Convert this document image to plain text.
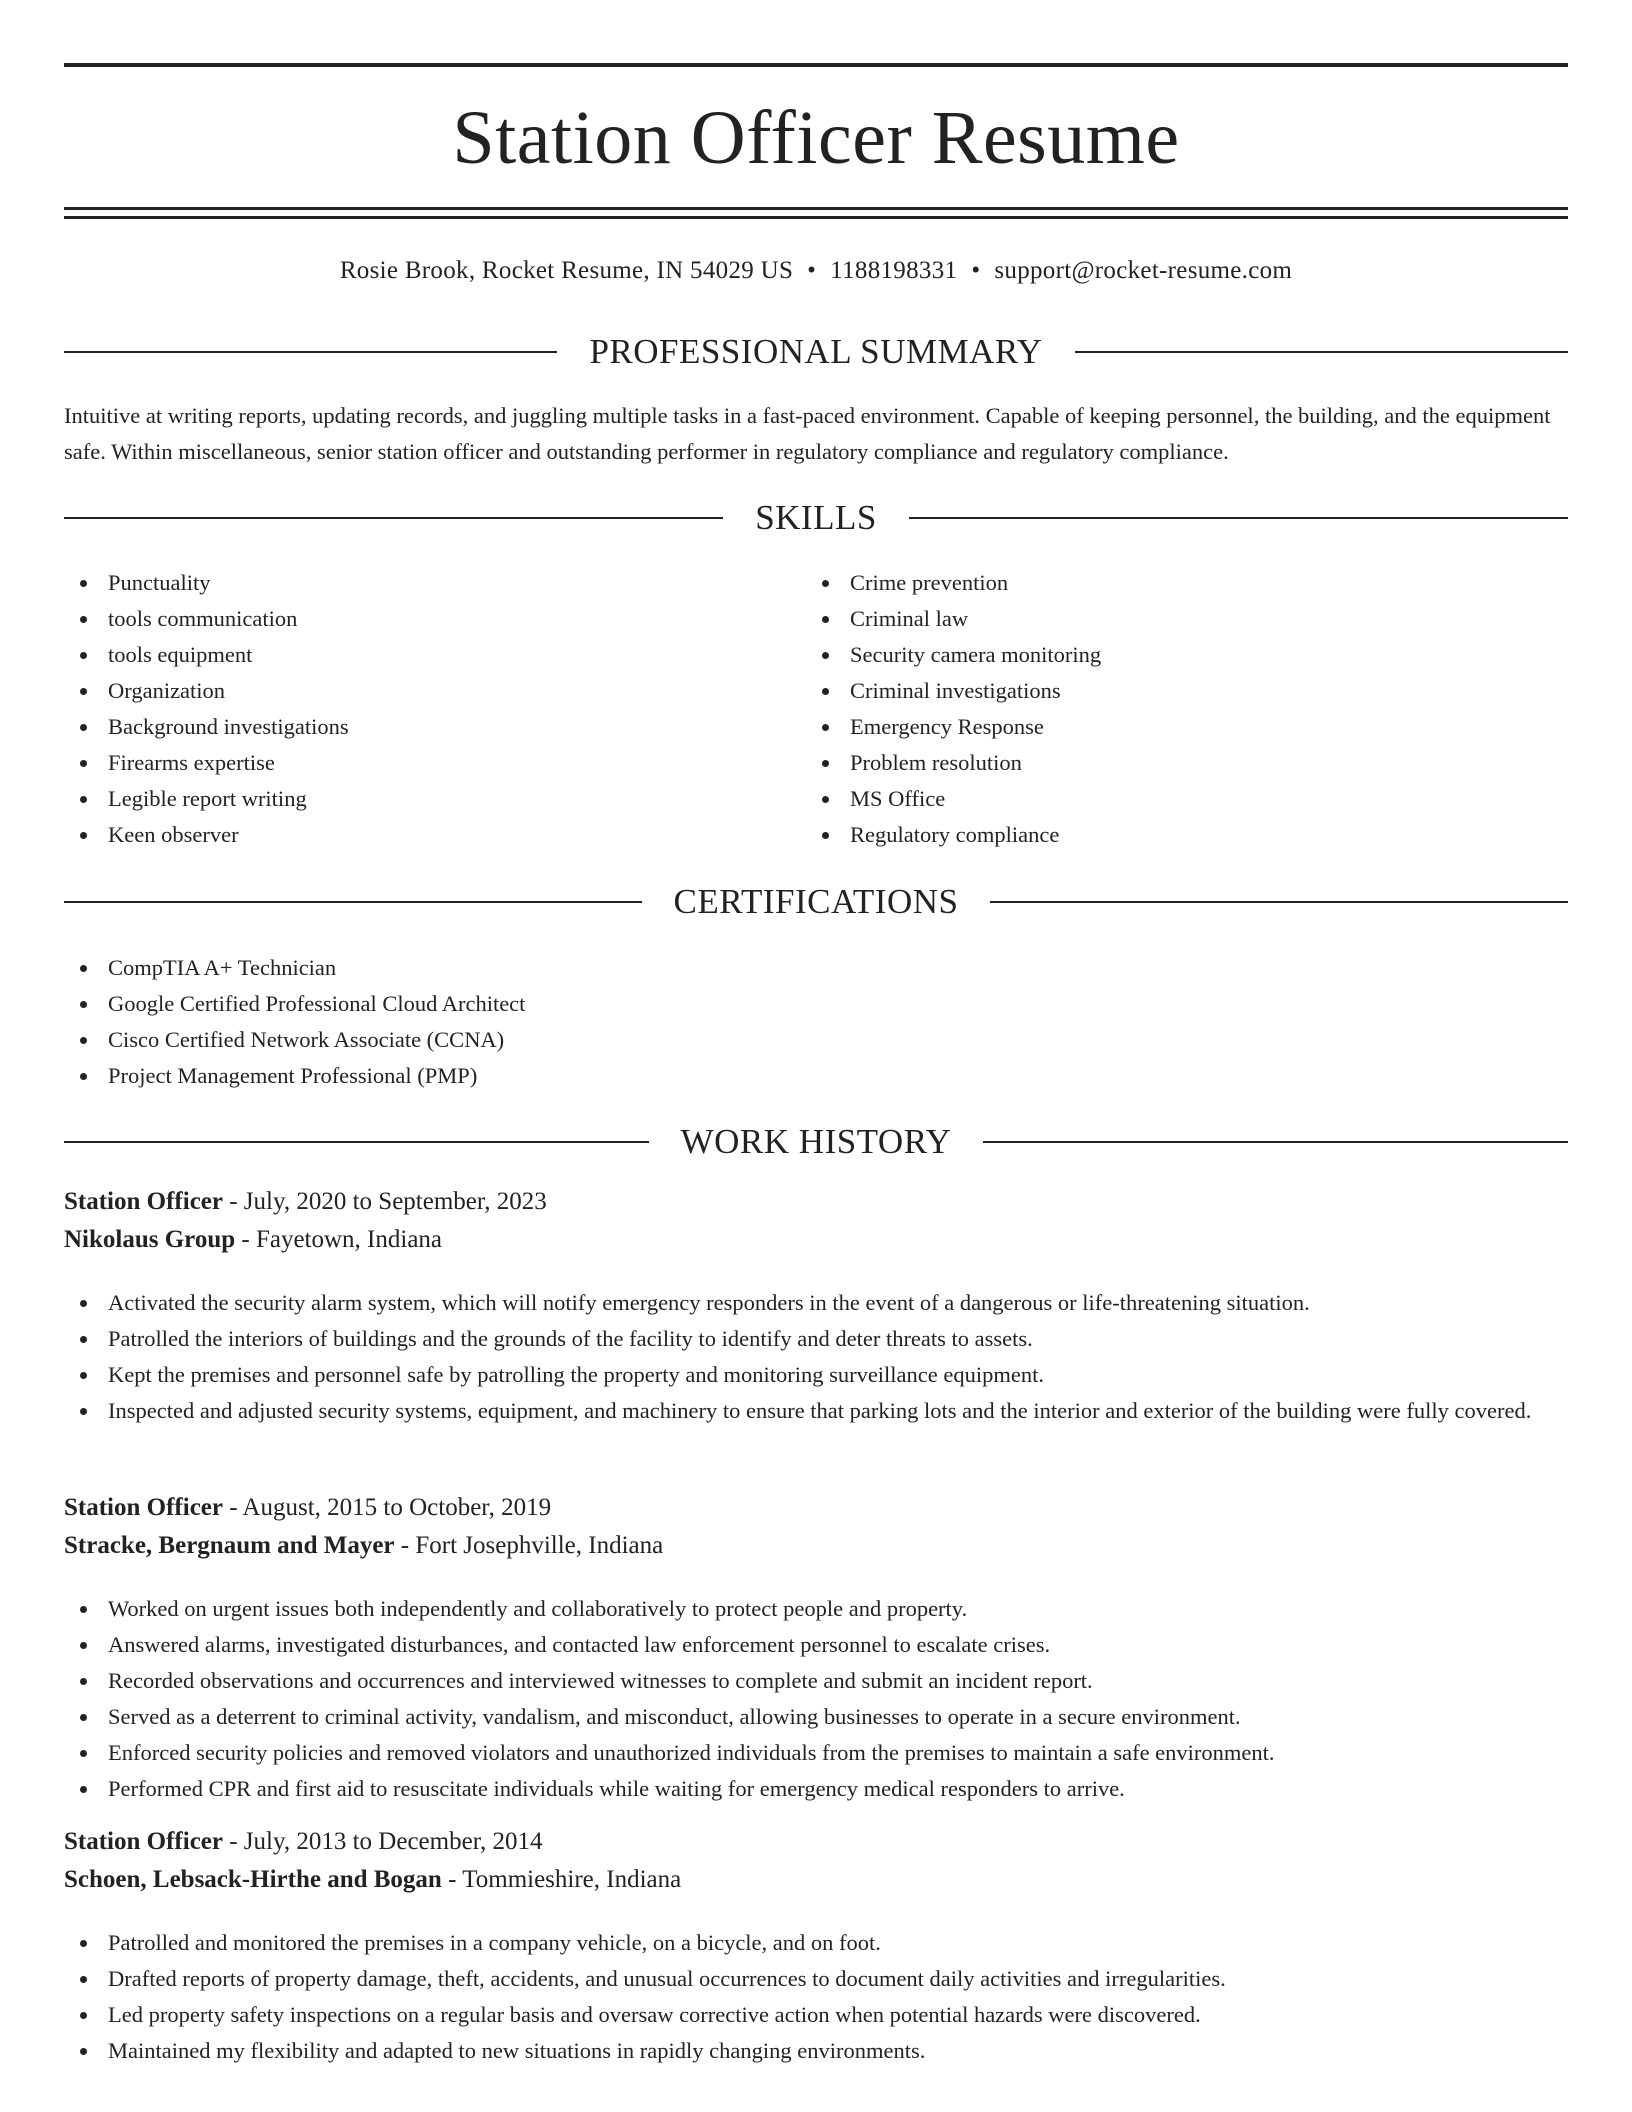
Station Officer Resume
Rosie Brook, Rocket Resume, IN 54029 US • 1188198331 • support@rocket-resume.com
PROFESSIONAL SUMMARY

Intuitive at writing reports, updating records, and juggling multiple tasks in a fast-paced environment. Capable of keeping personnel, the building, and the equipment safe. Within miscellaneous, senior station officer and outstanding performer in regulatory compliance and regulatory compliance.

SKILLS
Punctuality
tools communication
tools equipment
Organization
Background investigations
Firearms expertise
Legible report writing
Keen observer
Crime prevention
Criminal law
Security camera monitoring
Criminal investigations
Emergency Response
Problem resolution
MS Office
Regulatory compliance
CERTIFICATIONS
CompTIA A+ Technician
Google Certified Professional Cloud Architect
Cisco Certified Network Associate (CCNA)
Project Management Professional (PMP)
WORK HISTORY
Station Officer - July, 2020 to September, 2023
Nikolaus Group - Fayetown, Indiana
Activated the security alarm system, which will notify emergency responders in the event of a dangerous or life-threatening situation.
Patrolled the interiors of buildings and the grounds of the facility to identify and deter threats to assets.
Kept the premises and personnel safe by patrolling the property and monitoring surveillance equipment.
Inspected and adjusted security systems, equipment, and machinery to ensure that parking lots and the interior and exterior of the building were fully covered.
Station Officer - August, 2015 to October, 2019
Stracke, Bergnaum and Mayer - Fort Josephville, Indiana
Worked on urgent issues both independently and collaboratively to protect people and property.
Answered alarms, investigated disturbances, and contacted law enforcement personnel to escalate crises.
Recorded observations and occurrences and interviewed witnesses to complete and submit an incident report.
Served as a deterrent to criminal activity, vandalism, and misconduct, allowing businesses to operate in a secure environment.
Enforced security policies and removed violators and unauthorized individuals from the premises to maintain a safe environment.
Performed CPR and first aid to resuscitate individuals while waiting for emergency medical responders to arrive.
Station Officer - July, 2013 to December, 2014
Schoen, Lebsack-Hirthe and Bogan - Tommieshire, Indiana
Patrolled and monitored the premises in a company vehicle, on a bicycle, and on foot.
Drafted reports of property damage, theft, accidents, and unusual occurrences to document daily activities and irregularities.
Led property safety inspections on a regular basis and oversaw corrective action when potential hazards were discovered.
Maintained my flexibility and adapted to new situations in rapidly changing environments.
